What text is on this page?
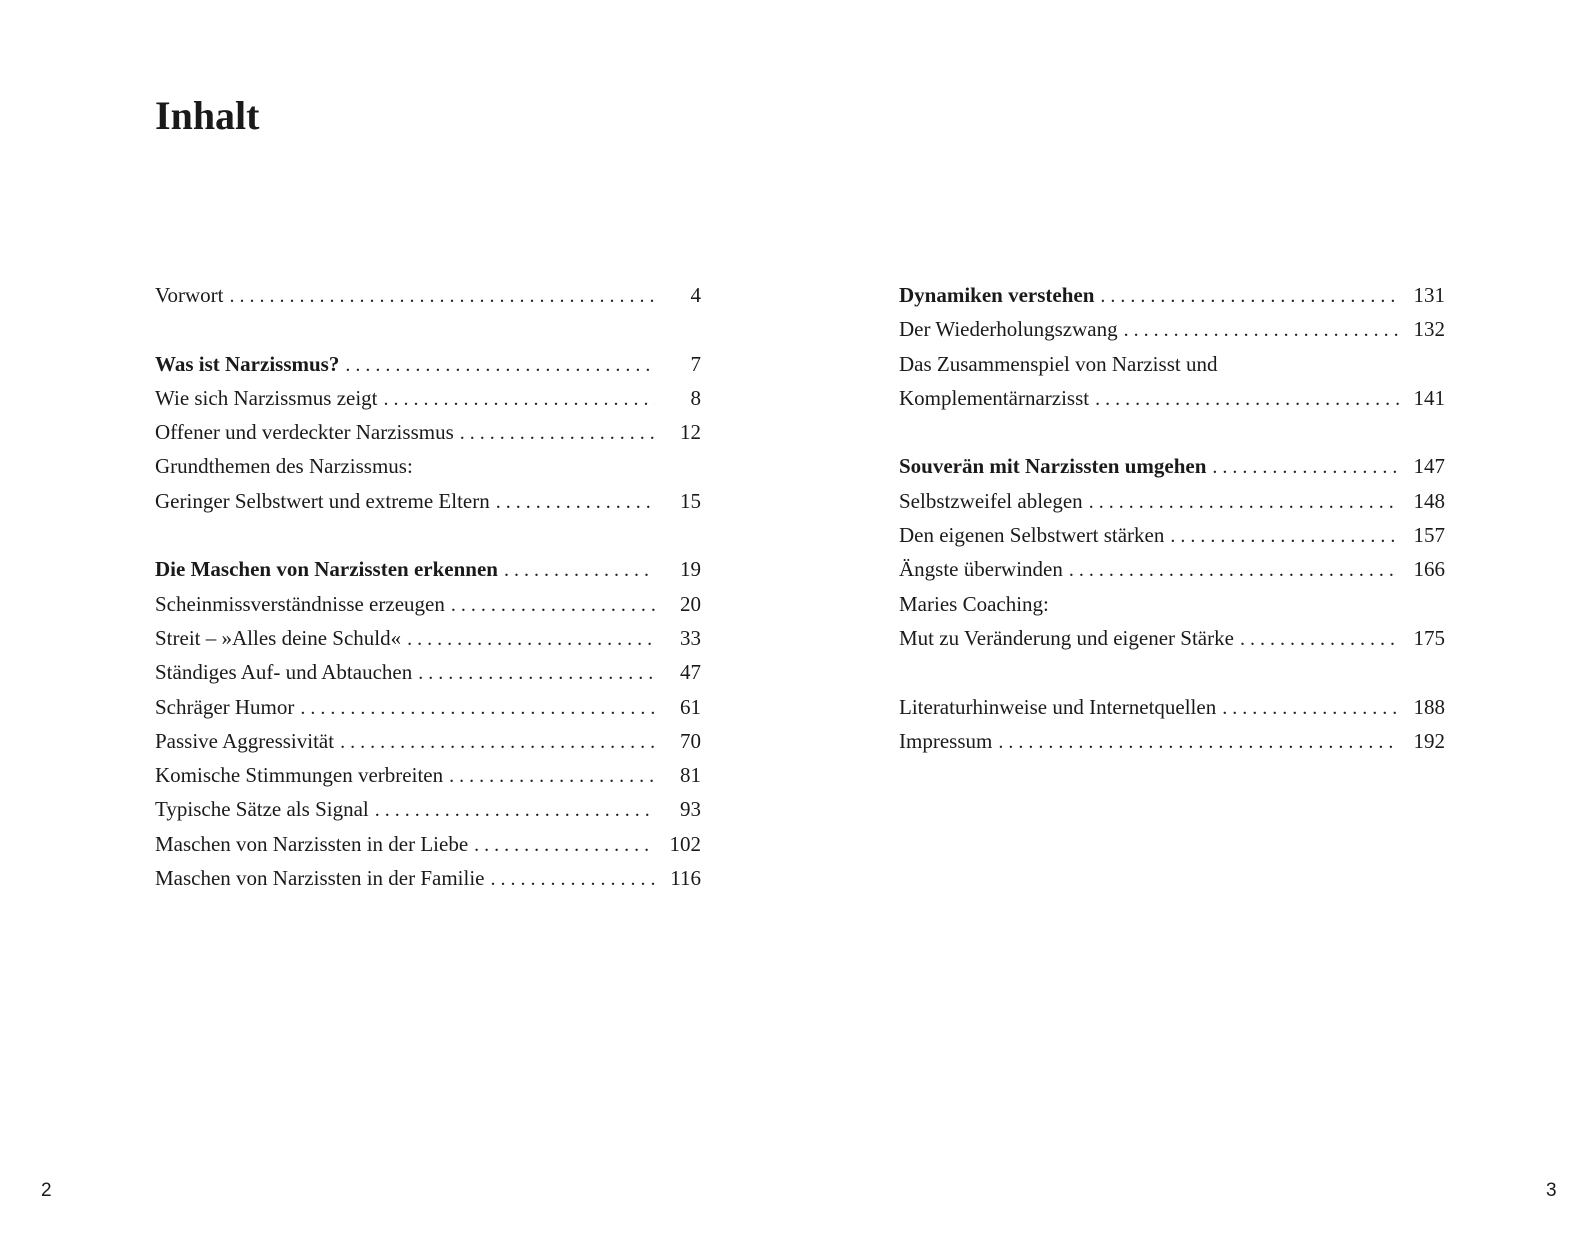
Inhalt
Vorwort . . .	4
Was ist Narzissmus? . . .	7
Wie sich Narzissmus zeigt . . .	8
Offener und verdeckter Narzissmus . . .	12
Grundthemen des Narzissmus:
Geringer Selbstwert und extreme Eltern . . .	15
Die Maschen von Narzissten erkennen . . .	19
Scheinmissverständnisse erzeugen . . .	20
Streit – »Alles deine Schuld« . . .	33
Ständiges Auf- und Abtauchen . . .	47
Schräger Humor . . .	61
Passive Aggressivität . . .	70
Komische Stimmungen verbreiten . . .	81
Typische Sätze als Signal . . .	93
Maschen von Narzissten in der Liebe . . .	102
Maschen von Narzissten in der Familie . . .	116
Dynamiken verstehen . . .	131
Der Wiederholungszwang . . .	132
Das Zusammenspiel von Narzisst und
Komplementärnarzisst . . .	141
Souverän mit Narzissten umgehen . . .	147
Selbstzweifel ablegen . . .	148
Den eigenen Selbstwert stärken . . .	157
Ängste überwinden . . .	166
Maries Coaching:
Mut zu Veränderung und eigener Stärke . . .	175
Literaturhinweise und Internetquellen . . .	188
Impressum . . .	192
2	3
